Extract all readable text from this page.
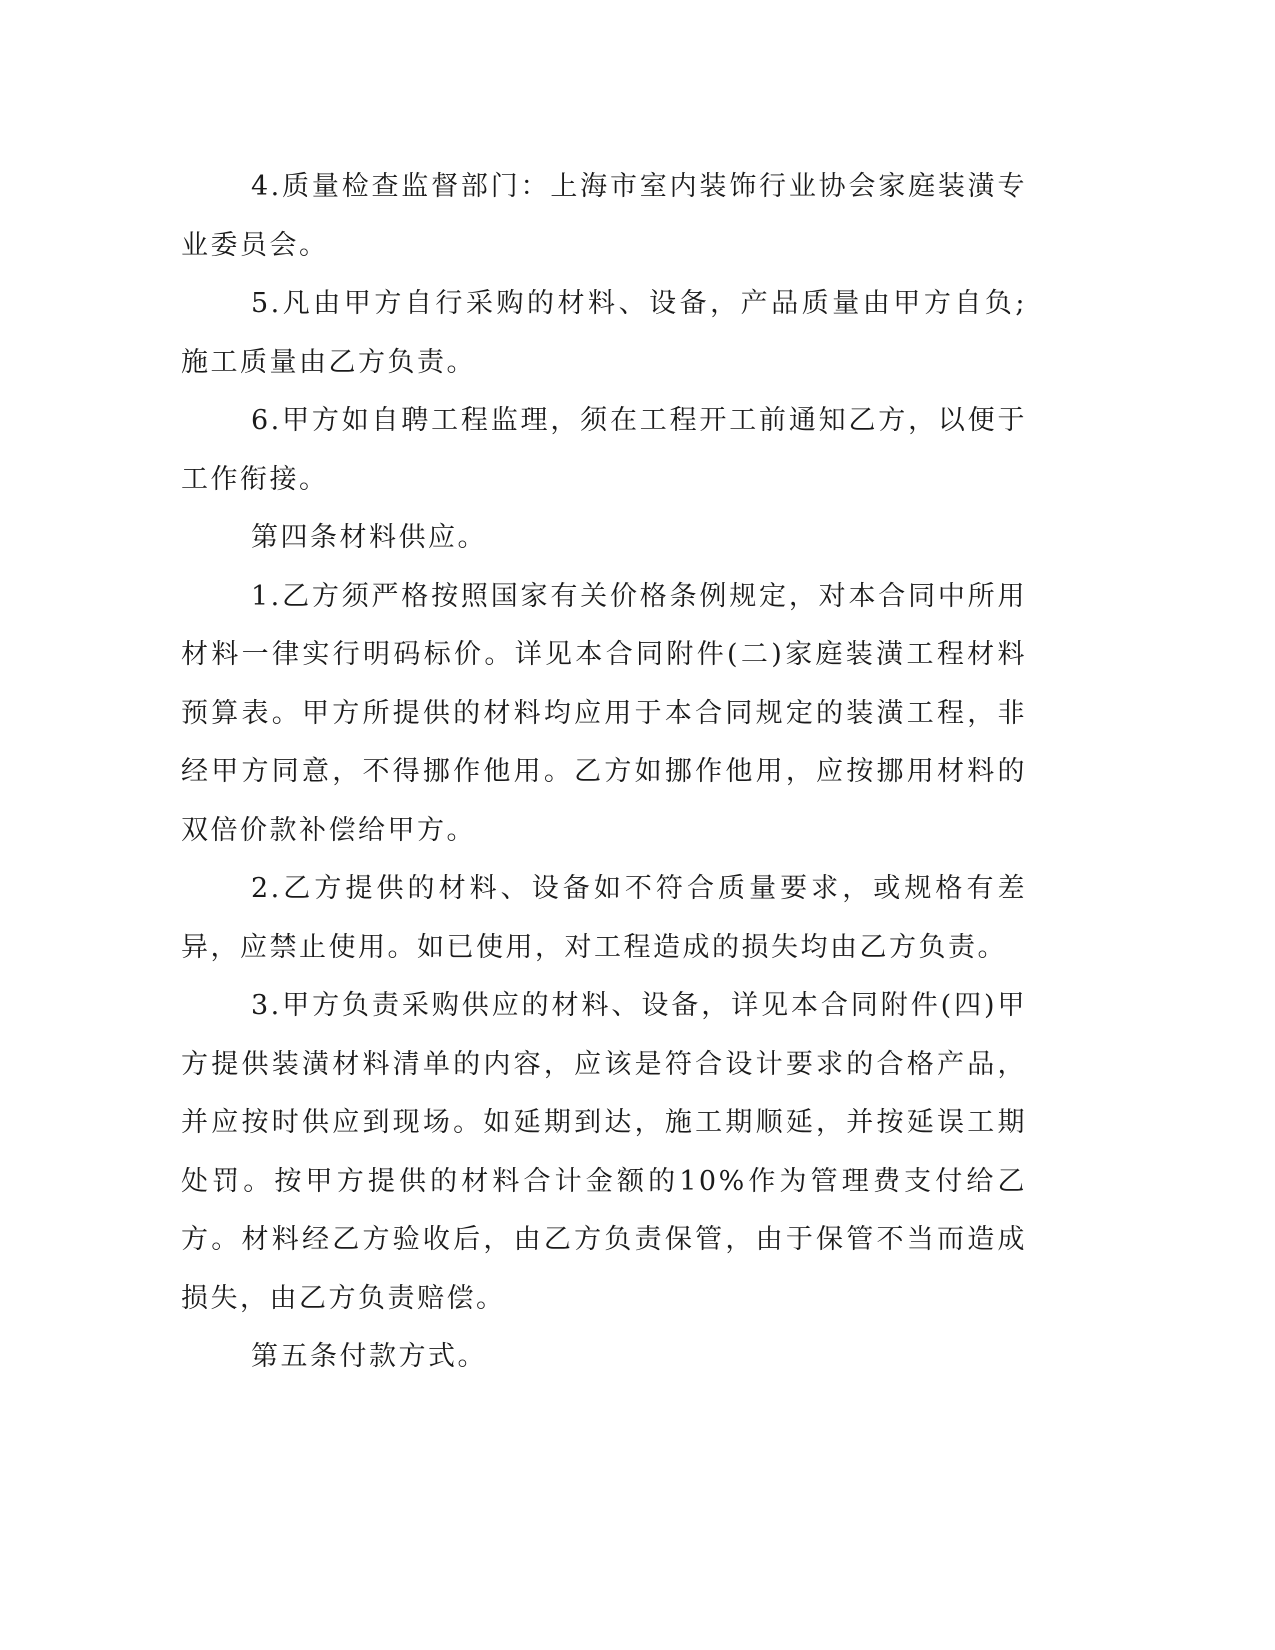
4.质量检查监督部门：上海市室内装饰行业协会家庭装潢专业委员会。

5.凡由甲方自行采购的材料、设备，产品质量由甲方自负;施工质量由乙方负责。

6.甲方如自聘工程监理，须在工程开工前通知乙方，以便于工作衔接。

第四条材料供应。

1.乙方须严格按照国家有关价格条例规定，对本合同中所用材料一律实行明码标价。详见本合同附件(二)家庭装潢工程材料预算表。甲方所提供的材料均应用于本合同规定的装潢工程，非经甲方同意，不得挪作他用。乙方如挪作他用，应按挪用材料的双倍价款补偿给甲方。

2.乙方提供的材料、设备如不符合质量要求，或规格有差异，应禁止使用。如已使用，对工程造成的损失均由乙方负责。

3.甲方负责采购供应的材料、设备，详见本合同附件(四)甲方提供装潢材料清单的内容，应该是符合设计要求的合格产品，并应按时供应到现场。如延期到达，施工期顺延，并按延误工期处罚。按甲方提供的材料合计金额的10%作为管理费支付给乙方。材料经乙方验收后，由乙方负责保管，由于保管不当而造成损失，由乙方负责赔偿。

第五条付款方式。
